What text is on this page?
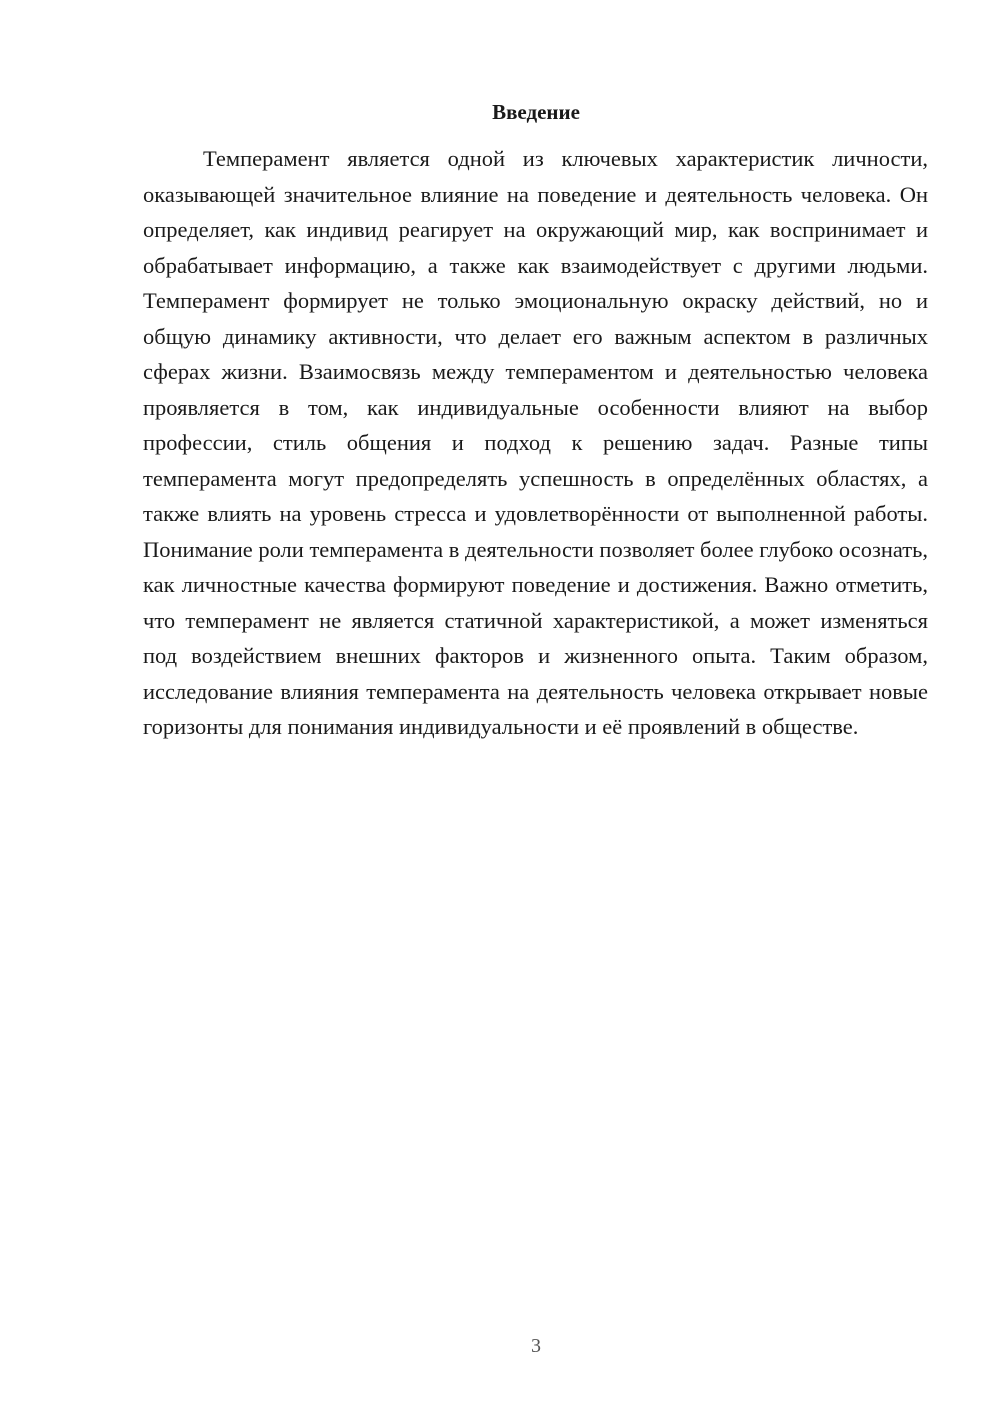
Введение

Темперамент является одной из ключевых характеристик личности, оказывающей значительное влияние на поведение и деятельность человека. Он определяет, как индивид реагирует на окружающий мир, как воспринимает и обрабатывает информацию, а также как взаимодействует с другими людьми. Темперамент формирует не только эмоциональную окраску действий, но и общую динамику активности, что делает его важным аспектом в различных сферах жизни. Взаимосвязь между темпераментом и деятельностью человека проявляется в том, как индивидуальные особенности влияют на выбор профессии, стиль общения и подход к решению задач. Разные типы темперамента могут предопределять успешность в определённых областях, а также влиять на уровень стресса и удовлетворённости от выполненной работы. Понимание роли темперамента в деятельности позволяет более глубоко осознать, как личностные качества формируют поведение и достижения. Важно отметить, что темперамент не является статичной характеристикой, а может изменяться под воздействием внешних факторов и жизненного опыта. Таким образом, исследование влияния темперамента на деятельность человека открывает новые горизонты для понимания индивидуальности и её проявлений в обществе.

3
